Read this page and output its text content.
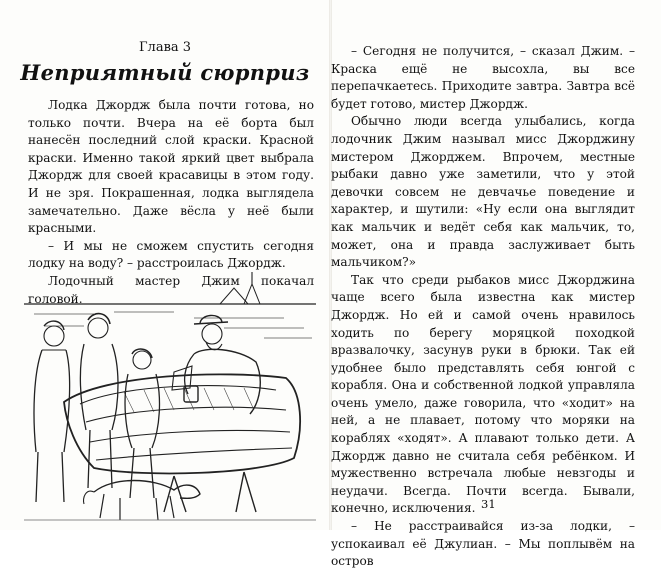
Глава 3
Неприятный сюрприз

Лодка Джордж была почти готова, но только почти. Вчера на её борта был нанесён последний слой краски. Красной краски. Именно такой яркий цвет выбрала Джордж для своей красавицы в этом году. И не зря. Покрашенная, лодка выглядела замечательно. Даже вёсла у неё были красными.

– И мы не сможем спустить сегодня лодку на воду? – расстроилась Джордж.

Лодочный мастер Джим покачал головой.

– Сегодня не получится, – сказал Джим. – Краска ещё не высохла, вы все перепачкаетесь. Приходите завтра. Завтра всё будет готово, мистер Джордж.

Обычно люди всегда улыбались, когда лодочник Джим называл мисс Джорджину мистером Джорджем. Впрочем, местные рыбаки давно уже заметили, что у этой девочки совсем не девчачье поведение и характер, и шутили: «Ну если она выглядит как мальчик и ведёт себя как мальчик, то, может, она и правда заслуживает быть мальчиком?»

Так что среди рыбаков мисс Джорджина чаще всего была известна как мистер Джордж. Но ей и самой очень нравилось ходить по берегу моряцкой походкой вразвалочку, засунув руки в брюки. Так ей удобнее было представлять себя юнгой с корабля. Она и собственной лодкой управляла очень умело, даже говорила, что «ходит» на ней, а не плавает, потому что моряки на кораблях «ходят». А плавают только дети. А Джордж давно не считала себя ребёнком. И мужественно встречала любые невзгоды и неудачи. Всегда. Почти всегда. Бывали, конечно, исключения.

– Не расстраивайся из-за лодки, – успокаивал её Джулиан. – Мы поплывём на остров

31
